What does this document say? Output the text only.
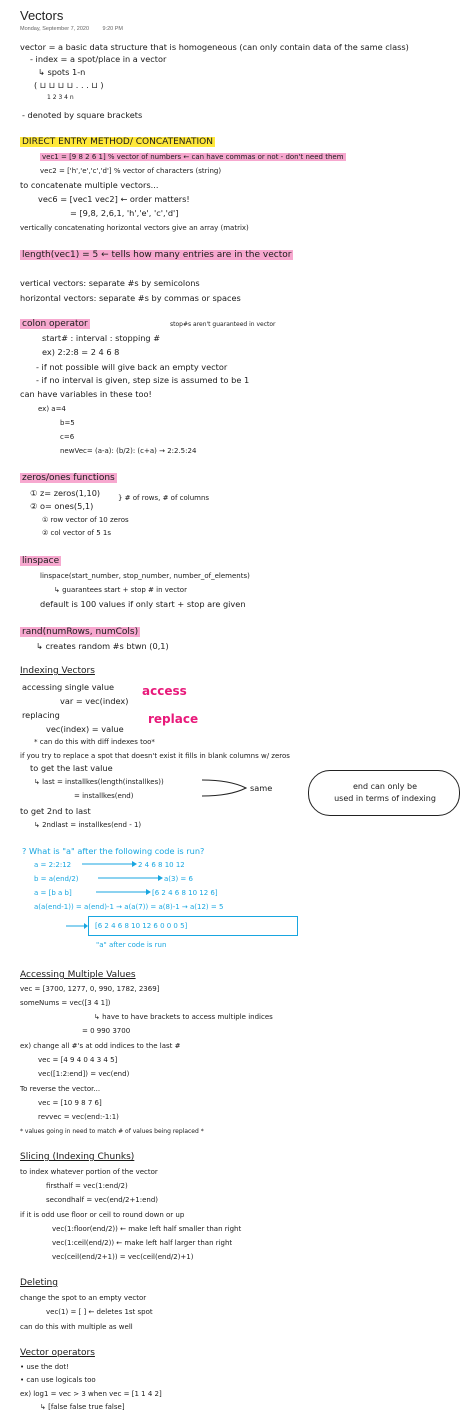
Vectors
Monday, September 7, 2020 9:20 PM
vector = a basic data structure that is homogeneous (can only contain data of the same class)
- index = a spot/place in a vector
↳ spots 1-n
( ⊔ ⊔ ⊔ ⊔ . . . ⊔ )
1 2 3 4 n
- denoted by square brackets
DIRECT ENTRY METHOD/ CONCATENATION
vec1 = [9 8 2 6 1] % vector of numbers ← can have commas or not - don't need them
vec2 = ['h','e','c','d'] % vector of characters (string)
to concatenate multiple vectors...
vec6 = [vec1 vec2] ← order matters!
= [9,8, 2,6,1, 'h','e', 'c','d']
vertically concatenating horizontal vectors give an array (matrix)
length(vec1) = 5 ← tells how many entries are in the vector
vertical vectors: separate #s by semicolons
horizontal vectors: separate #s by commas or spaces
colon operator	stop#s aren't guaranteed in vector
start# : interval : stopping #
ex) 2:2:8 = 2 4 6 8
- if not possible will give back an empty vector
- if no interval is given, step size is assumed to be 1
can have variables in these too!
ex) a=4
b=5
c=6
newVec= (a-a): (b/2): (c+a) → 2:2.5:24
zeros/ones functions
① z= zeros(1,10)
② o= ones(5,1)
} # of rows, # of columns
① row vector of 10 zeros
② col vector of 5 1s
linspace
linspace(start_number, stop_number, number_of_elements)
↳ guarantees start + stop # in vector
default is 100 values if only start + stop are given
rand(numRows, numCols)
↳ creates random #s btwn (0,1)
Indexing Vectors
accessing single value
var = vec(index)
access
replacing
vec(index) = value
replace
* can do this with diff indexes too*
if you try to replace a spot that doesn't exist it fills in blank columns w/ zeros
to get the last value
↳ last = installkes(length(installkes))
same
= installkes(end)
to get 2nd to last
↳ 2ndlast = installkes(end - 1)
end can only be
used in terms of indexing
? What is "a" after the following code is run?
a = 2:2:12	2 4 6 8 10 12
b = a(end/2)	a(3) = 6
a = [b a b]	[6 2 4 6 8 10 12 6]
a(a(end-1)) = a(end)-1 → a(a(7)) = a(8)-1 → a(12) = 5
[6 2 4 6 8 10 12 6 0 0 0 5]
"a" after code is run
Accessing Multiple Values
vec = [3700, 1277, 0, 990, 1782, 2369]
someNums = vec([3 4 1])
↳ have to have brackets to access multiple indices
= 0 990 3700
ex) change all #'s at odd indices to the last #
vec = [4 9 4 0 4 3 4 5]
vec([1:2:end]) = vec(end)
To reverse the vector...
vec = [10 9 8 7 6]
revvec = vec(end:-1:1)
* values going in need to match # of values being replaced *
Slicing (Indexing Chunks)
to index whatever portion of the vector
firsthalf = vec(1:end/2)
secondhalf = vec(end/2+1:end)
if it is odd use floor or ceil to round down or up
vec(1:floor(end/2)) ← make left half smaller than right
vec(1:ceil(end/2)) ← make left half larger than right
vec(ceil(end/2+1)) = vec(ceil(end/2)+1)
Deleting
change the spot to an empty vector
vec(1) = [ ] ← deletes 1st spot
can do this with multiple as well
Vector operators
• use the dot!
• can use logicals too
ex) log1 = vec > 3 when vec = [1 1 4 2]
↳ [false false true false]
